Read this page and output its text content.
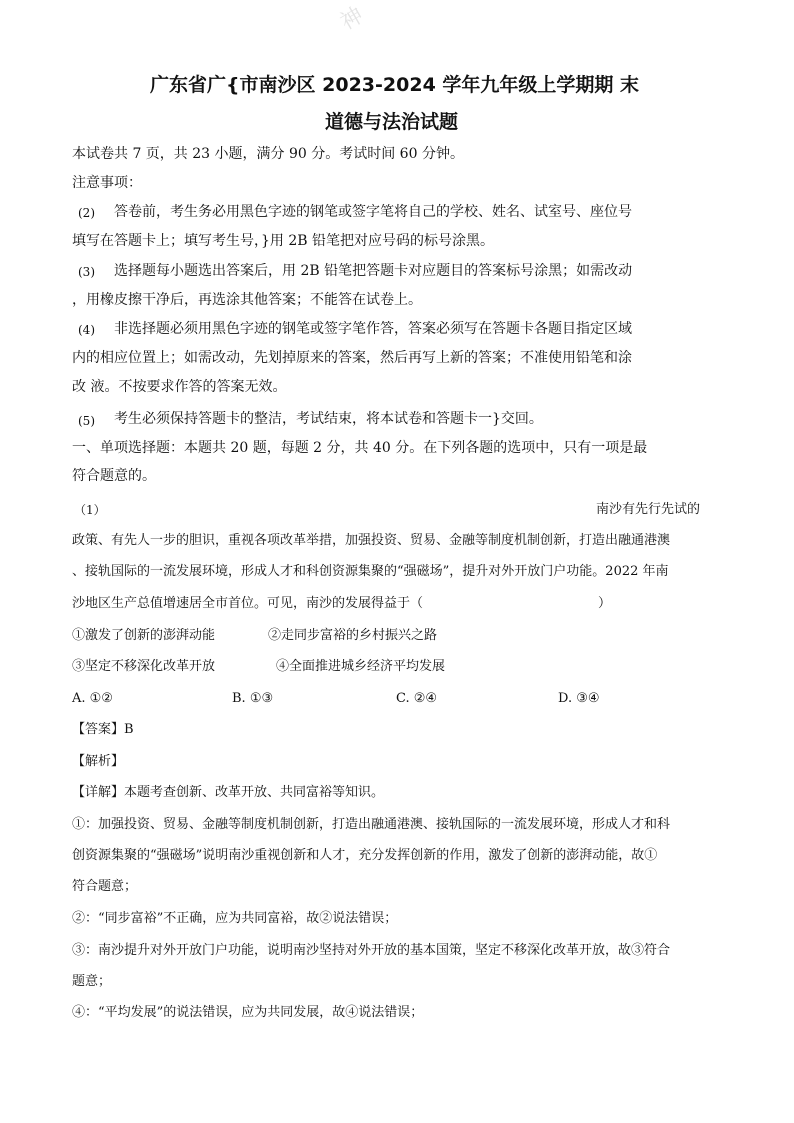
神
广东省广{市南沙区 2023-2024 学年九年级上学期期 末
道德与法治试题
本试卷共 7 页，共 23 小题，满分 90 分。考试时间 60 分钟。
注意事项：
(2) 答卷前，考生务必用黑色字迹的钢笔或签字笔将自己的学校、姓名、试室号、座位号
填写在答题卡上；填写考生号，}用 2B 铅笔把对应号码的标号涂黑。
(3) 选择题每小题选出答案后，用 2B 铅笔把答题卡对应题目的答案标号涂黑；如需改动
，用橡皮擦干净后，再选涂其他答案；不能答在试卷上。
(4) 非选择题必须用黑色字迹的钢笔或签字笔作答，答案必须写在答题卡各题目指定区域
内的相应位置上；如需改动，先划掉原来的答案，然后再写上新的答案；不准使用铅笔和涂
改 液。不按要求作答的答案无效。
(5) 考生必须保持答题卡的整洁，考试结束，将本试卷和答题卡一}交回。
一、单项选择题：本题共 20 题，每题 2 分，共 40 分。在下列各题的选项中，只有一项是最
符合题意的。
（1）	南沙有先行先试的
政策、有先人一步的胆识，重视各项改革举措，加强投资、贸易、金融等制度机制创新，打造出融通港澳
、接轨国际的一流发展环境，形成人才和科创资源集聚的“强磁场”，提升对外开放门户功能。2022 年南
沙地区生产总值增速居全市首位。可见，南沙的发展得益于（	）
①激发了创新的澎湃动能	②走同步富裕的乡村振兴之路
③坚定不移深化改革开放	④全面推进城乡经济平均发展
A. ①②	B. ①③	C. ②④	D. ③④
【答案】B
【解析】
【详解】本题考查创新、改革开放、共同富裕等知识。
①：加强投资、贸易、金融等制度机制创新，打造出融通港澳、接轨国际的一流发展环境，形成人才和科
创资源集聚的“强磁场”说明南沙重视创新和人才，充分发挥创新的作用，激发了创新的澎湃动能，故①
符合题意；
②：“同步富裕”不正确，应为共同富裕，故②说法错误；
③：南沙提升对外开放门户功能，说明南沙坚持对外开放的基本国策，坚定不移深化改革开放，故③符合
题意；
④：“平均发展”的说法错误，应为共同发展，故④说法错误；
